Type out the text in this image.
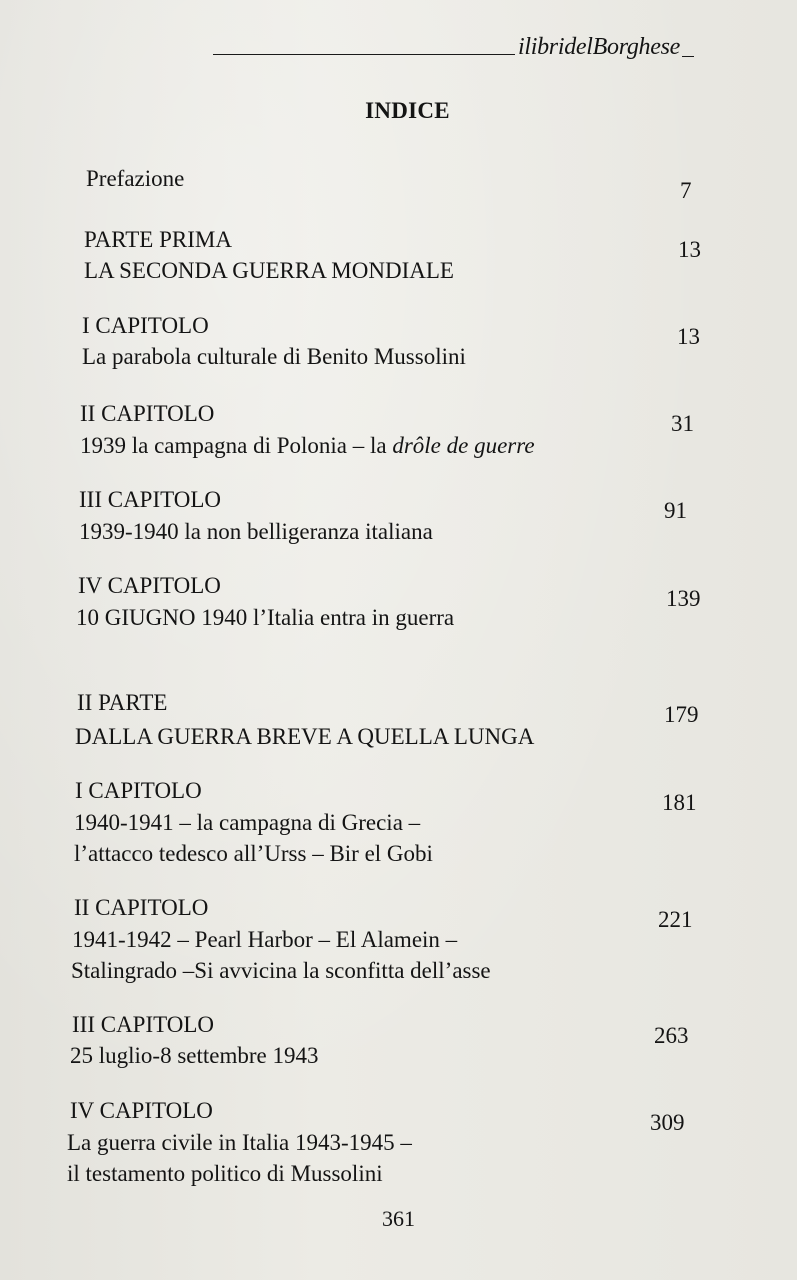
ilibridelBorghese
INDICE
Prefazione	7
PARTE PRIMA
LA SECONDA GUERRA MONDIALE
13
I CAPITOLO
La parabola culturale di Benito Mussolini
13
II CAPITOLO
1939 la campagna di Polonia – la drôle de guerre
31
III CAPITOLO
1939-1940 la non belligeranza italiana
91
IV CAPITOLO
10 GIUGNO 1940 l’Italia entra in guerra
139
II PARTE
DALLA GUERRA BREVE A QUELLA LUNGA
179
I CAPITOLO
1940-1941 – la campagna di Grecia –
l’attacco tedesco all’Urss – Bir el Gobi
181
II CAPITOLO
1941-1942 – Pearl Harbor – El Alamein –
Stalingrado –Si avvicina la sconfitta dell’asse
221
III CAPITOLO
25 luglio-8 settembre 1943
263
IV CAPITOLO
La guerra civile in Italia 1943-1945 –
il testamento politico di Mussolini
309
361
